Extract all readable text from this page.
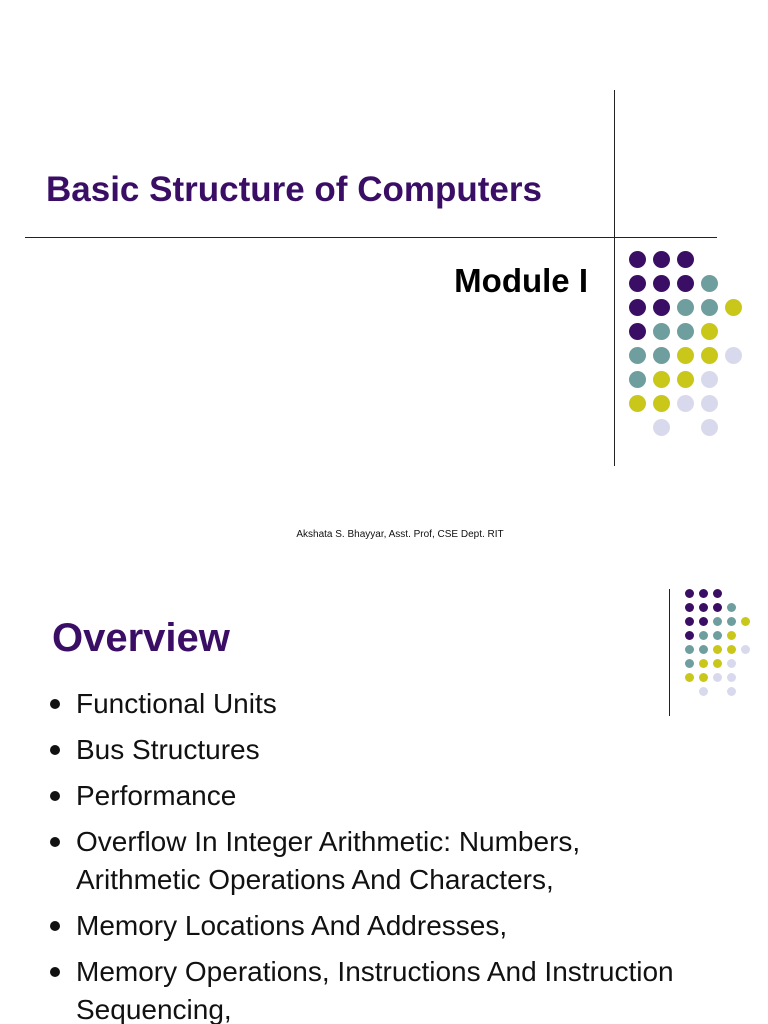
Basic Structure of Computers
Module I
Akshata S. Bhayyar, Asst. Prof, CSE Dept. RIT
Overview
Functional Units
Bus Structures
Performance
Overflow In Integer Arithmetic: Numbers, Arithmetic Operations And Characters,
Memory Locations And Addresses,
Memory Operations, Instructions And Instruction Sequencing,
